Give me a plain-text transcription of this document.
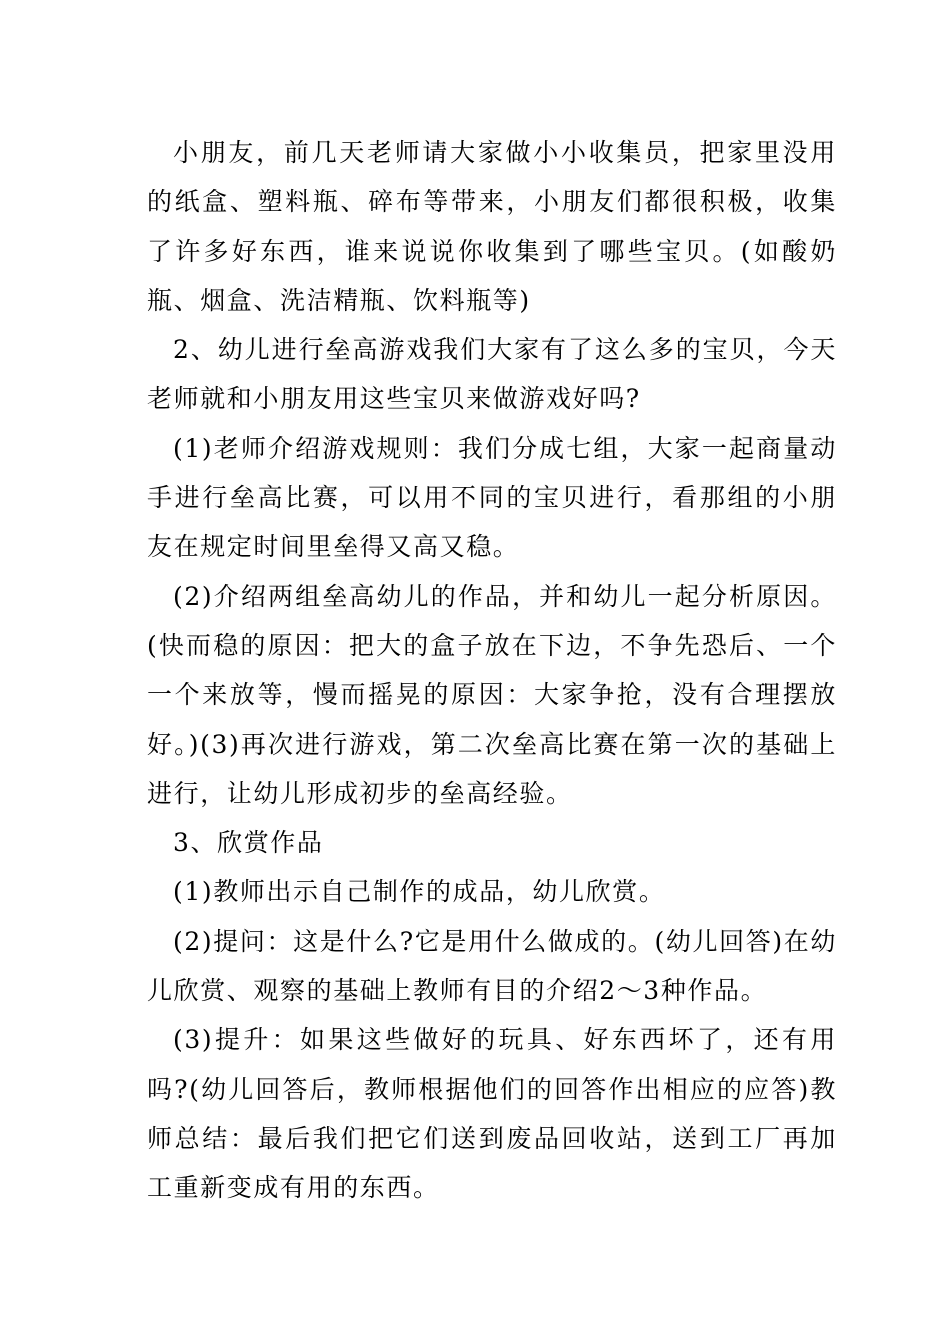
小朋友，前几天老师请大家做小小收集员，把家里没用的纸盒、塑料瓶、碎布等带来，小朋友们都很积极，收集了许多好东西，谁来说说你收集到了哪些宝贝。(如酸奶瓶、烟盒、洗洁精瓶、饮料瓶等)

2、幼儿进行垒高游戏我们大家有了这么多的宝贝，今天老师就和小朋友用这些宝贝来做游戏好吗?

(1)老师介绍游戏规则：我们分成七组，大家一起商量动手进行垒高比赛，可以用不同的宝贝进行，看那组的小朋友在规定时间里垒得又高又稳。

(2)介绍两组垒高幼儿的作品，并和幼儿一起分析原因。(快而稳的原因：把大的盒子放在下边，不争先恐后、一个一个来放等，慢而摇晃的原因：大家争抢，没有合理摆放好。)(3)再次进行游戏，第二次垒高比赛在第一次的基础上进行，让幼儿形成初步的垒高经验。

3、欣赏作品

(1)教师出示自己制作的成品，幼儿欣赏。

(2)提问：这是什么?它是用什么做成的。(幼儿回答)在幼儿欣赏、观察的基础上教师有目的介绍2～3种作品。

(3)提升：如果这些做好的玩具、好东西坏了，还有用吗?(幼儿回答后，教师根据他们的回答作出相应的应答)教师总结：最后我们把它们送到废品回收站，送到工厂再加工重新变成有用的东西。
